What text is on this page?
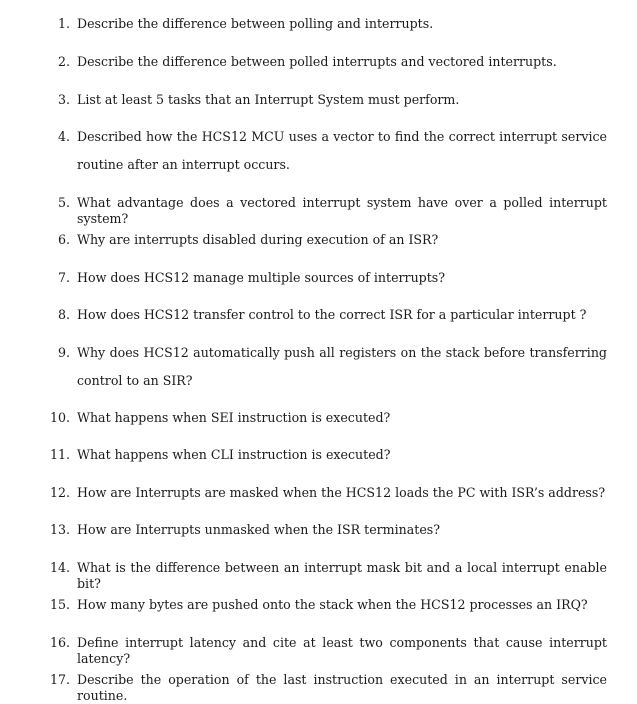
1. Describe the difference between polling and interrupts.
2. Describe the difference between polled interrupts and vectored interrupts.
3. List at least 5 tasks that an Interrupt System must perform.
4. Described how the HCS12 MCU uses a vector to find the correct interrupt service
routine after an interrupt occurs.
5. What advantage does a vectored interrupt system have over a polled interrupt system?
6. Why are interrupts disabled during execution of an ISR?
7. How does HCS12 manage multiple sources of interrupts?
8. How does HCS12 transfer control to the correct ISR for a particular interrupt ?
9. Why does HCS12 automatically push all registers on the stack before transferring
control to an SIR?
10. What happens when SEI instruction is executed?
11. What happens when CLI instruction is executed?
12. How are Interrupts are masked when the HCS12 loads the PC with ISR’s address?
13. How are Interrupts unmasked when the ISR terminates?
14. What is the difference between an interrupt mask bit and a local interrupt enable bit?
15. How many bytes are pushed onto the stack when the HCS12 processes an IRQ?
16. Define interrupt latency and cite at least two components that cause interrupt latency?
17. Describe the operation of the last instruction executed in an interrupt service routine.
